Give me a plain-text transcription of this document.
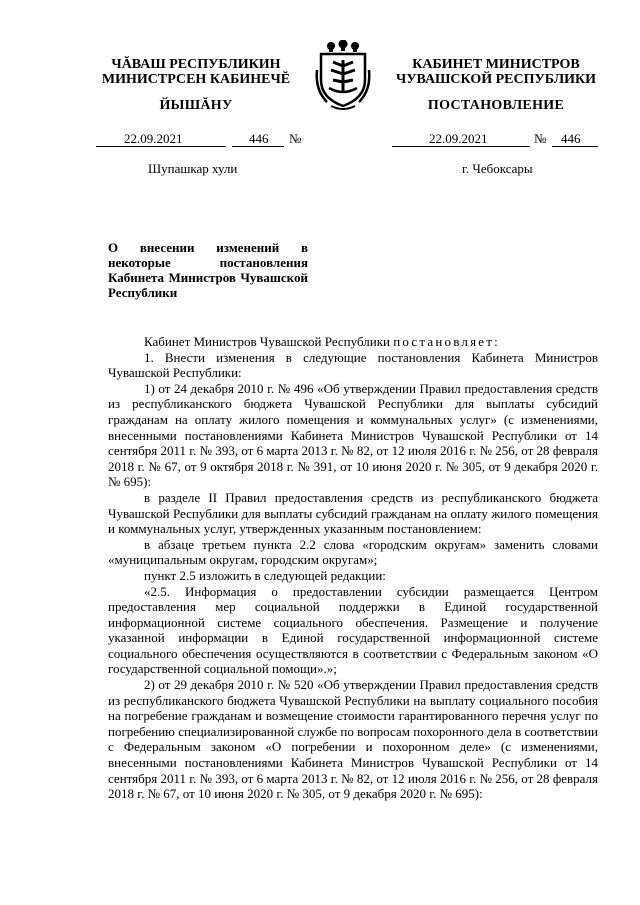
ЧĂВАШ РЕСПУБЛИКИН
МИНИСТРСЕН КАБИНЕЧĔ
ЙЫШĂНУ
КАБИНЕТ МИНИСТРОВ
ЧУВАШСКОЙ РЕСПУБЛИКИ
ПОСТАНОВЛЕНИЕ
22.09.2021	446 №	22.09.2021	№ 446
Шупашкар хули	г. Чебоксары
О внесении изменений в некоторые постановления Кабинета Министров Чувашской Республики

Кабинет Министров Чувашской Республики постановляет:

1. Внести изменения в следующие постановления Кабинета Министров Чувашской Республики:

1) от 24 декабря 2010 г. № 496 «Об утверждении Правил предоставления средств из республиканского бюджета Чувашской Республики для выплаты субсидий гражданам на оплату жилого помещения и коммунальных услуг» (с изменениями, внесенными постановлениями Кабинета Министров Чувашской Республики от 14 сентября 2011 г. № 393, от 6 марта 2013 г. № 82, от 12 июля 2016 г. № 256, от 28 февраля 2018 г. № 67, от 9 октября 2018 г. № 391, от 10 июня 2020 г. № 305, от 9 декабря 2020 г. № 695):

в разделе II Правил предоставления средств из республиканского бюджета Чувашской Республики для выплаты субсидий гражданам на оплату жилого помещения и коммунальных услуг, утвержденных указанным постановлением:

в абзаце третьем пункта 2.2 слова «городским округам» заменить словами «муниципальным округам, городским округам»;

пункт 2.5 изложить в следующей редакции:

«2.5. Информация о предоставлении субсидии размещается Центром предоставления мер социальной поддержки в Единой государственной информационной системе социального обеспечения. Размещение и получение указанной информации в Единой государственной информационной системе социального обеспечения осуществляются в соответствии с Федеральным законом «О государственной социальной помощи».»;

2) от 29 декабря 2010 г. № 520 «Об утверждении Правил предоставления средств из республиканского бюджета Чувашской Республики на выплату социального пособия на погребение гражданам и возмещение стоимости гарантированного перечня услуг по погребению специализированной службе по вопросам похоронного дела в соответствии с Федеральным законом «О погребении и похоронном деле» (с изменениями, внесенными постановлениями Кабинета Министров Чувашской Республики от 14 сентября 2011 г. № 393, от 6 марта 2013 г. № 82, от 12 июля 2016 г. № 256, от 28 февраля 2018 г. № 67, от 10 июня 2020 г. № 305, от 9 декабря 2020 г. № 695):
